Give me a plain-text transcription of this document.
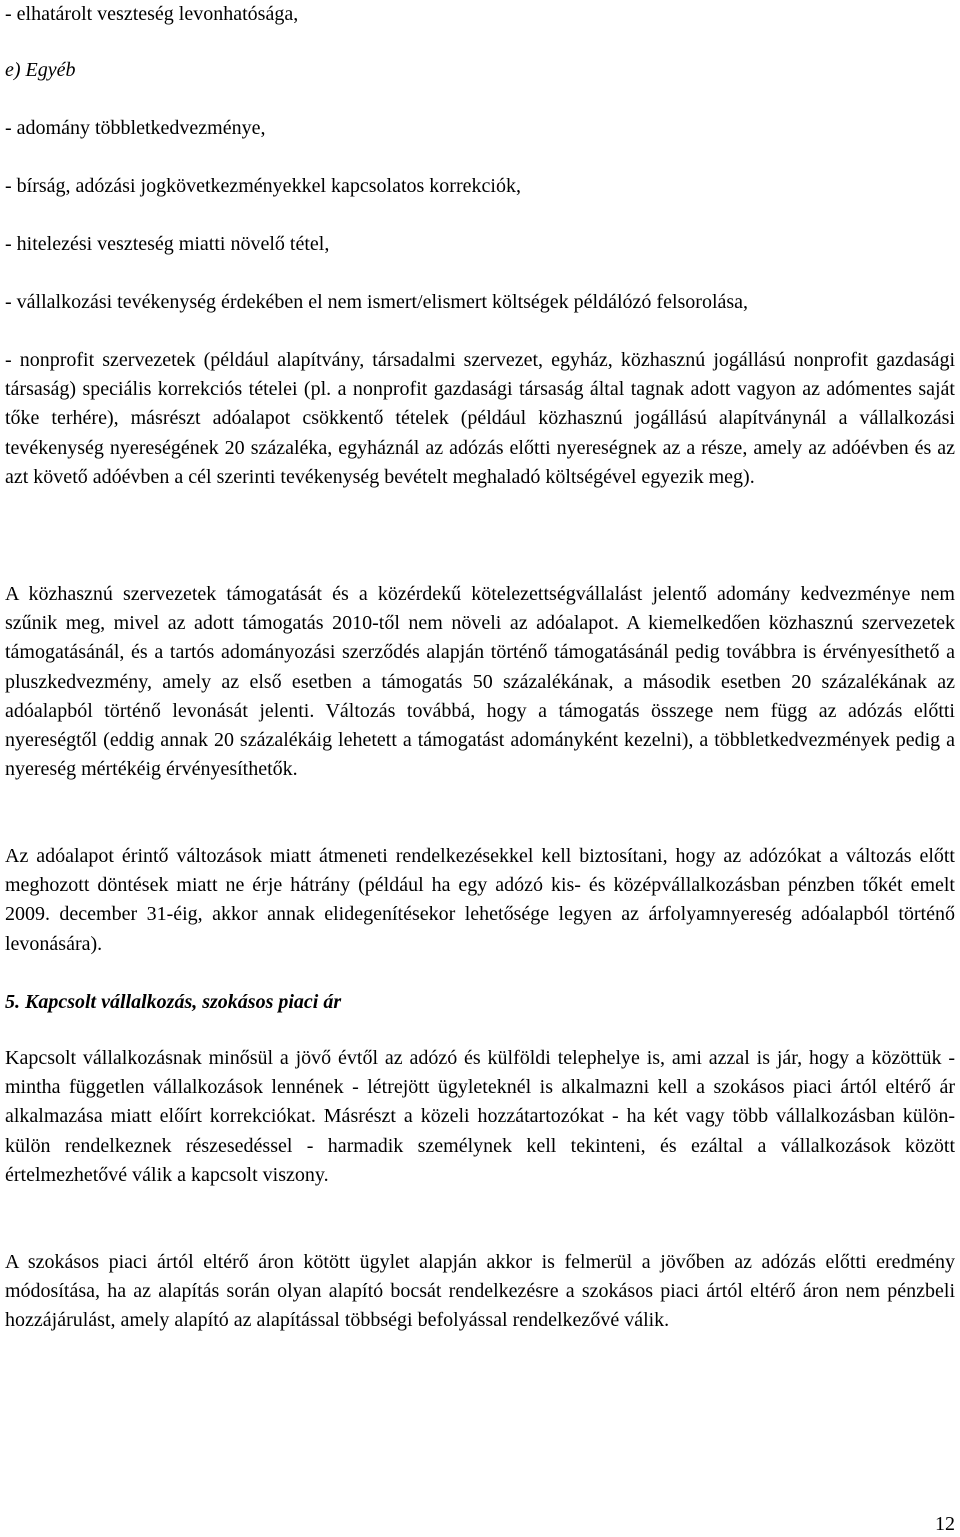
- elhatárolt veszteség levonhatósága,
e) Egyéb
- adomány többletkedvezménye,
- bírság, adózási jogkövetkezményekkel kapcsolatos korrekciók,
- hitelezési veszteség miatti növelő tétel,
- vállalkozási tevékenység érdekében el nem ismert/elismert költségek példálózó felsorolása,

- nonprofit szervezetek (például alapítvány, társadalmi szervezet, egyház, közhasznú jogállású nonprofit gazdasági társaság) speciális korrekciós tételei (pl. a nonprofit gazdasági társaság által tagnak adott vagyon az adómentes saját tőke terhére), másrészt adóalapot csökkentő tételek (például közhasznú jogállású alapítványnál a vállalkozási tevékenység nyereségének 20 százaléka, egyháznál az adózás előtti nyereségnek az a része, amely az adóévben és az azt követő adóévben a cél szerinti tevékenység bevételt meghaladó költségével egyezik meg).

A közhasznú szervezetek támogatását és a közérdekű kötelezettségvállalást jelentő adomány kedvezménye nem szűnik meg, mivel az adott támogatás 2010-től nem növeli az adóalapot. A kiemelkedően közhasznú szervezetek támogatásánál, és a tartós adományozási szerződés alapján történő támogatásánál pedig továbbra is érvényesíthető a pluszkedvezmény, amely az első esetben a támogatás 50 százalékának, a második esetben 20 százalékának az adóalapból történő levonását jelenti. Változás továbbá, hogy a támogatás összege nem függ az adózás előtti nyereségtől (eddig annak 20 százalékáig lehetett a támogatást adományként kezelni), a többletkedvezmények pedig a nyereség mértékéig érvényesíthetők.

Az adóalapot érintő változások miatt átmeneti rendelkezésekkel kell biztosítani, hogy az adózókat a változás előtt meghozott döntések miatt ne érje hátrány (például ha egy adózó kis- és középvállalkozásban pénzben tőkét emelt 2009. december 31-éig, akkor annak elidegenítésekor lehetősége legyen az árfolyamnyereség adóalapból történő levonására).

5. Kapcsolt vállalkozás, szokásos piaci ár

Kapcsolt vállalkozásnak minősül a jövő évtől az adózó és külföldi telephelye is, ami azzal is jár, hogy a közöttük - mintha független vállalkozások lennének - létrejött ügyleteknél is alkalmazni kell a szokásos piaci ártól eltérő ár alkalmazása miatt előírt korrekciókat. Másrészt a közeli hozzátartozókat - ha két vagy több vállalkozásban külön-külön rendelkeznek részesedéssel - harmadik személynek kell tekinteni, és ezáltal a vállalkozások között értelmezhetővé válik a kapcsolt viszony.

A szokásos piaci ártól eltérő áron kötött ügylet alapján akkor is felmerül a jövőben az adózás előtti eredmény módosítása, ha az alapítás során olyan alapító bocsát rendelkezésre a szokásos piaci ártól eltérő áron nem pénzbeli hozzájárulást, amely alapító az alapítással többségi befolyással rendelkezővé válik.

12
